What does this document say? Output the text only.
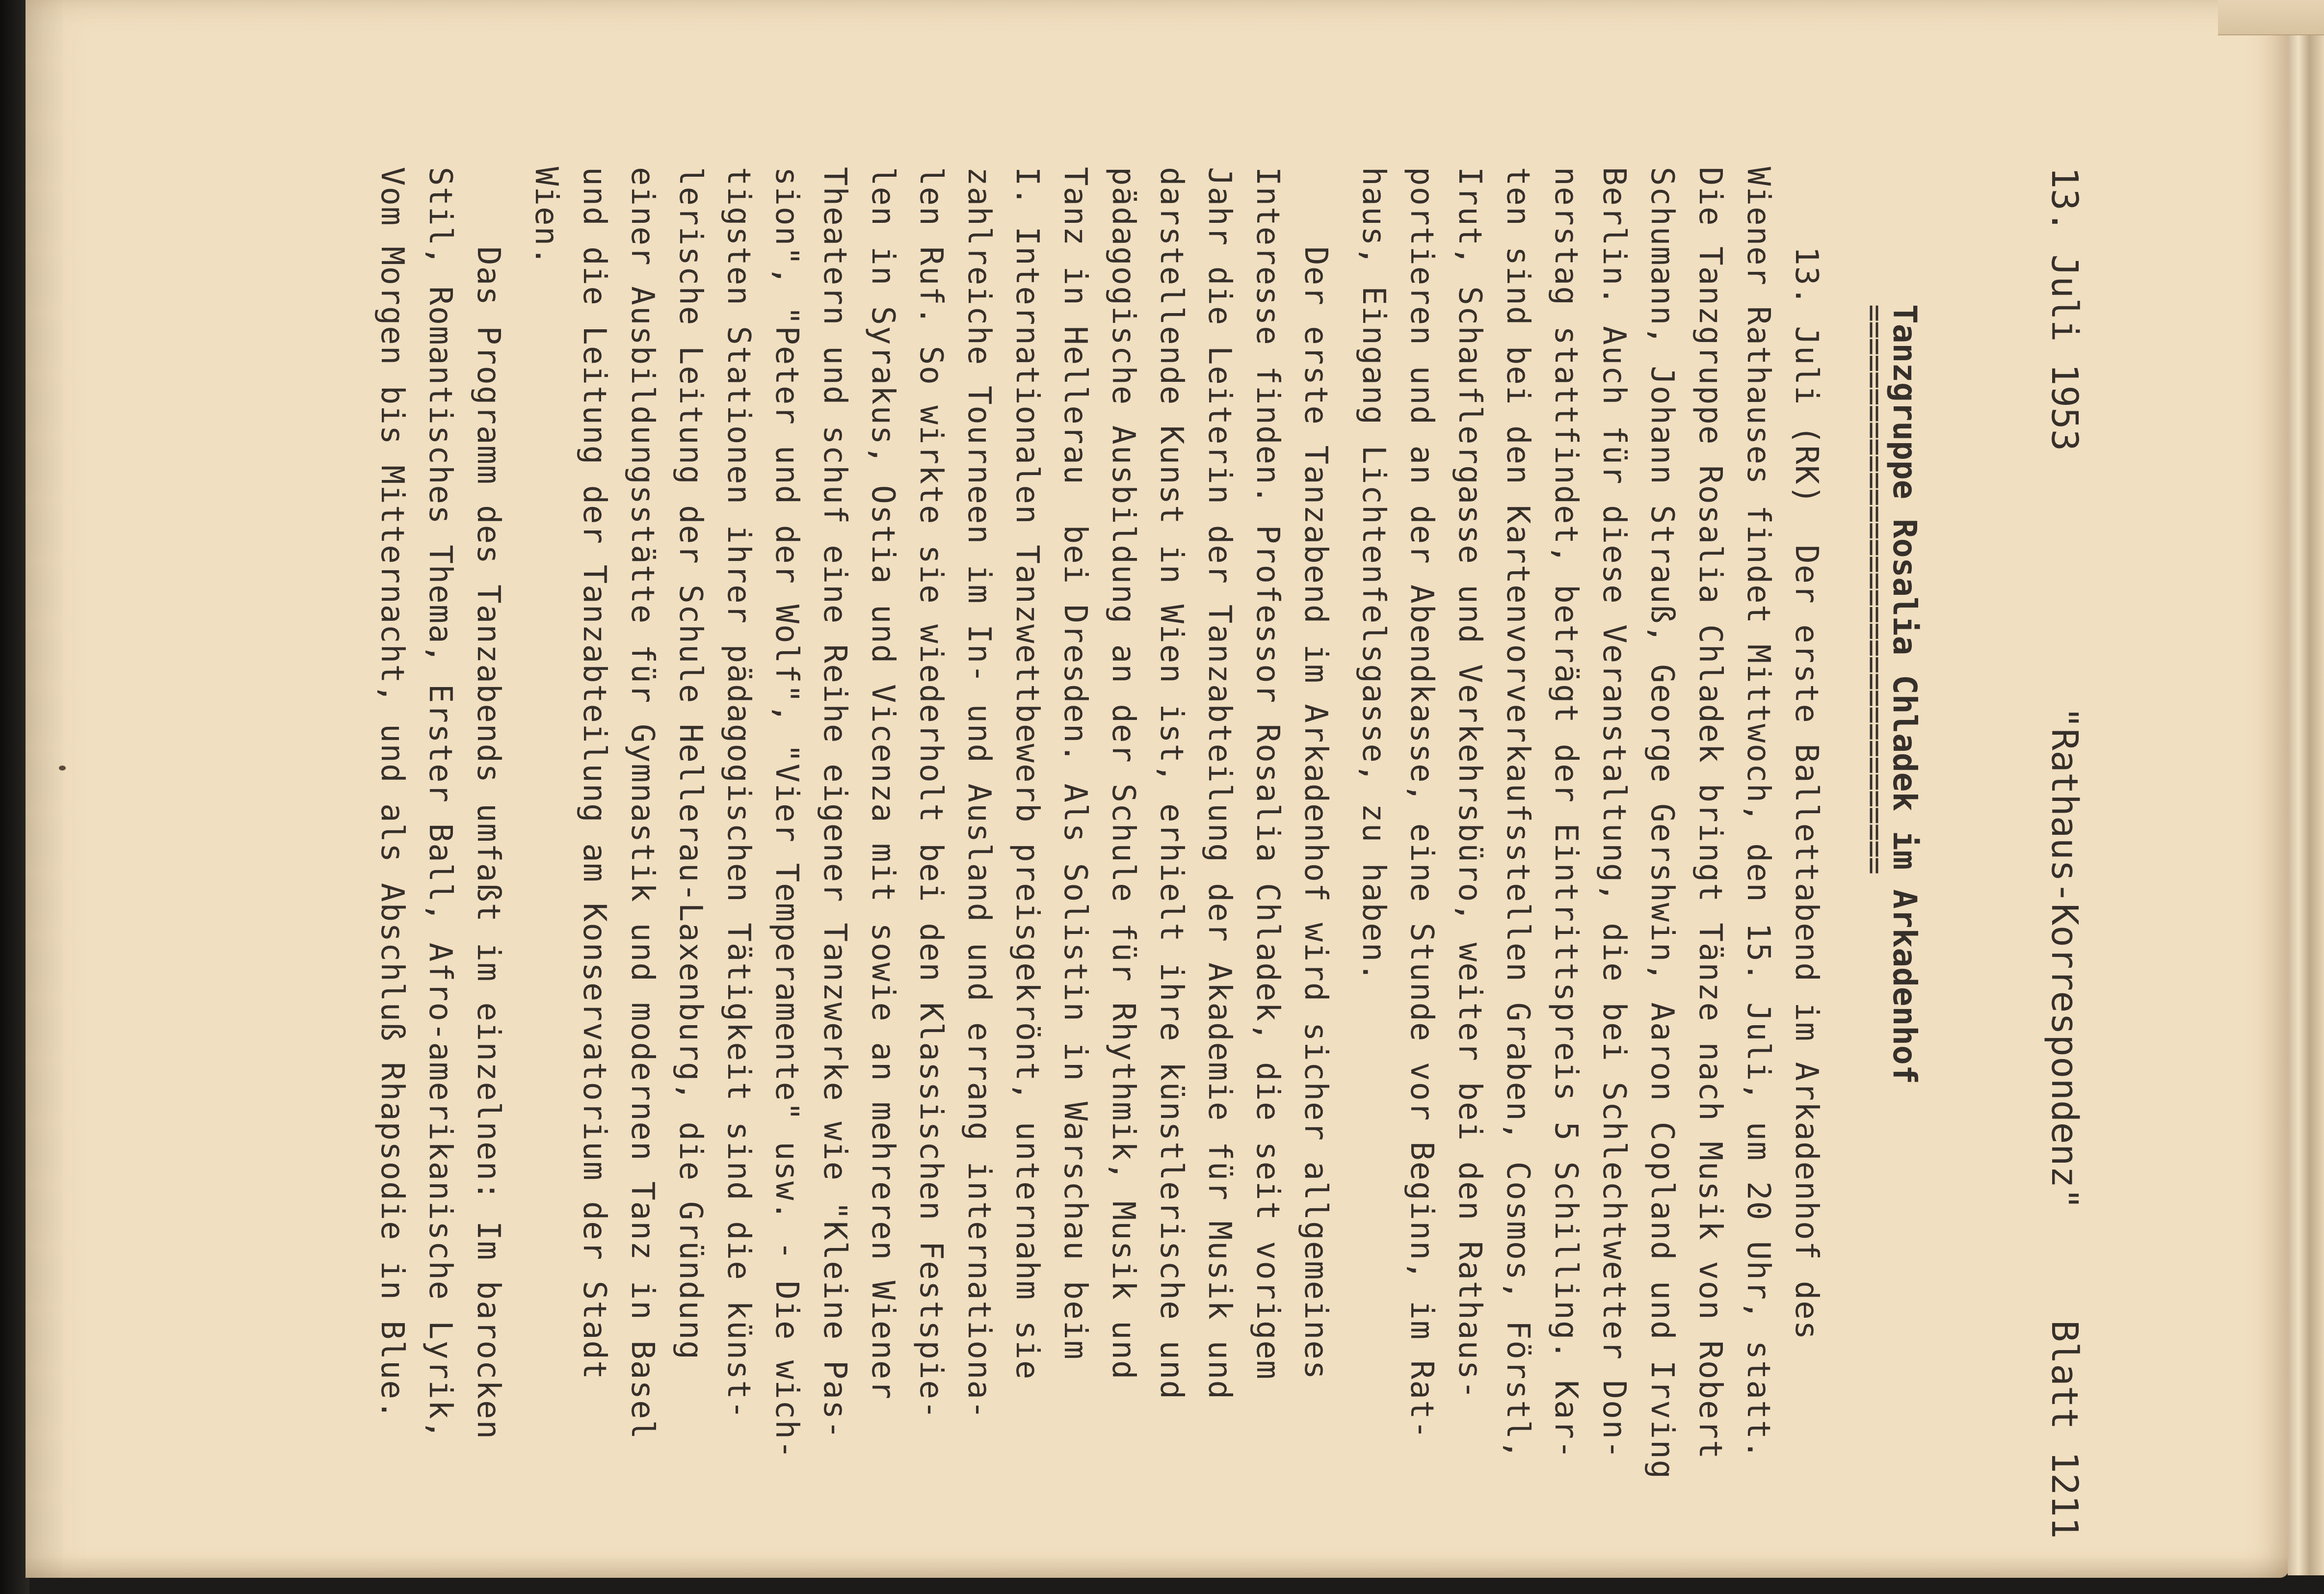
13. Juli 1953
"Rathaus-Korrespondenz"
Blatt 1211
Tanzgruppe Rosalia Chladek im Arkadenhof
==================================
13. Juli (RK)  Der erste Ballettabend im Arkadenhof des
Wiener Rathauses findet Mittwoch, den 15. Juli, um 20 Uhr, statt.
Die Tanzgruppe Rosalia Chladek bringt Tänze nach Musik von Robert
Schumann, Johann Strauß, George Gershwin, Aaron Copland und Irving
Berlin. Auch für diese Veranstaltung, die bei Schlechtwetter Don-
nerstag stattfindet, beträgt der Eintrittspreis 5 Schilling. Kar-
ten sind bei den Kartenvorverkaufsstellen Graben, Cosmos, Förstl,
Irut, Schauflergasse und Verkehrsbüro, weiter bei den Rathaus-
portieren und an der Abendkasse, eine Stunde vor Beginn, im Rat-
haus, Eingang Lichtenfelsgasse, zu haben.
Der erste Tanzabend im Arkadenhof wird sicher allgemeines
Interesse finden. Professor Rosalia Chladek, die seit vorigem
Jahr die Leiterin der Tanzabteilung der Akademie für Musik und
darstellende Kunst in Wien ist, erhielt ihre künstlerische und
pädagogische Ausbildung an der Schule für Rhythmik, Musik und
Tanz in Hellerau  bei Dresden. Als Solistin in Warschau beim
I. Internationalen Tanzwettbewerb preisgekrönt, unternahm sie
zahlreiche Tourneen im In- und Ausland und errang internationa-
len Ruf. So wirkte sie wiederholt bei den Klassischen Festspie-
len in Syrakus, Ostia und Vicenza mit sowie an mehreren Wiener
Theatern und schuf eine Reihe eigener Tanzwerke wie "Kleine Pas-
sion", "Peter und der Wolf", "Vier Temperamente" usw. - Die wich-
tigsten Stationen ihrer pädagogischen Tätigkeit sind die künst-
lerische Leitung der Schule Hellerau-Laxenburg, die Gründung
einer Ausbildungsstätte für Gymnastik und modernen Tanz in Basel
und die Leitung der Tanzabteilung am Konservatorium der Stadt
Wien.
Das Programm des Tanzabends umfaßt im einzelnen: Im barocken
Stil, Romantisches Thema, Erster Ball, Afro-amerikanische Lyrik,
Vom Morgen bis Mitternacht, und als Abschluß Rhapsodie in Blue.
